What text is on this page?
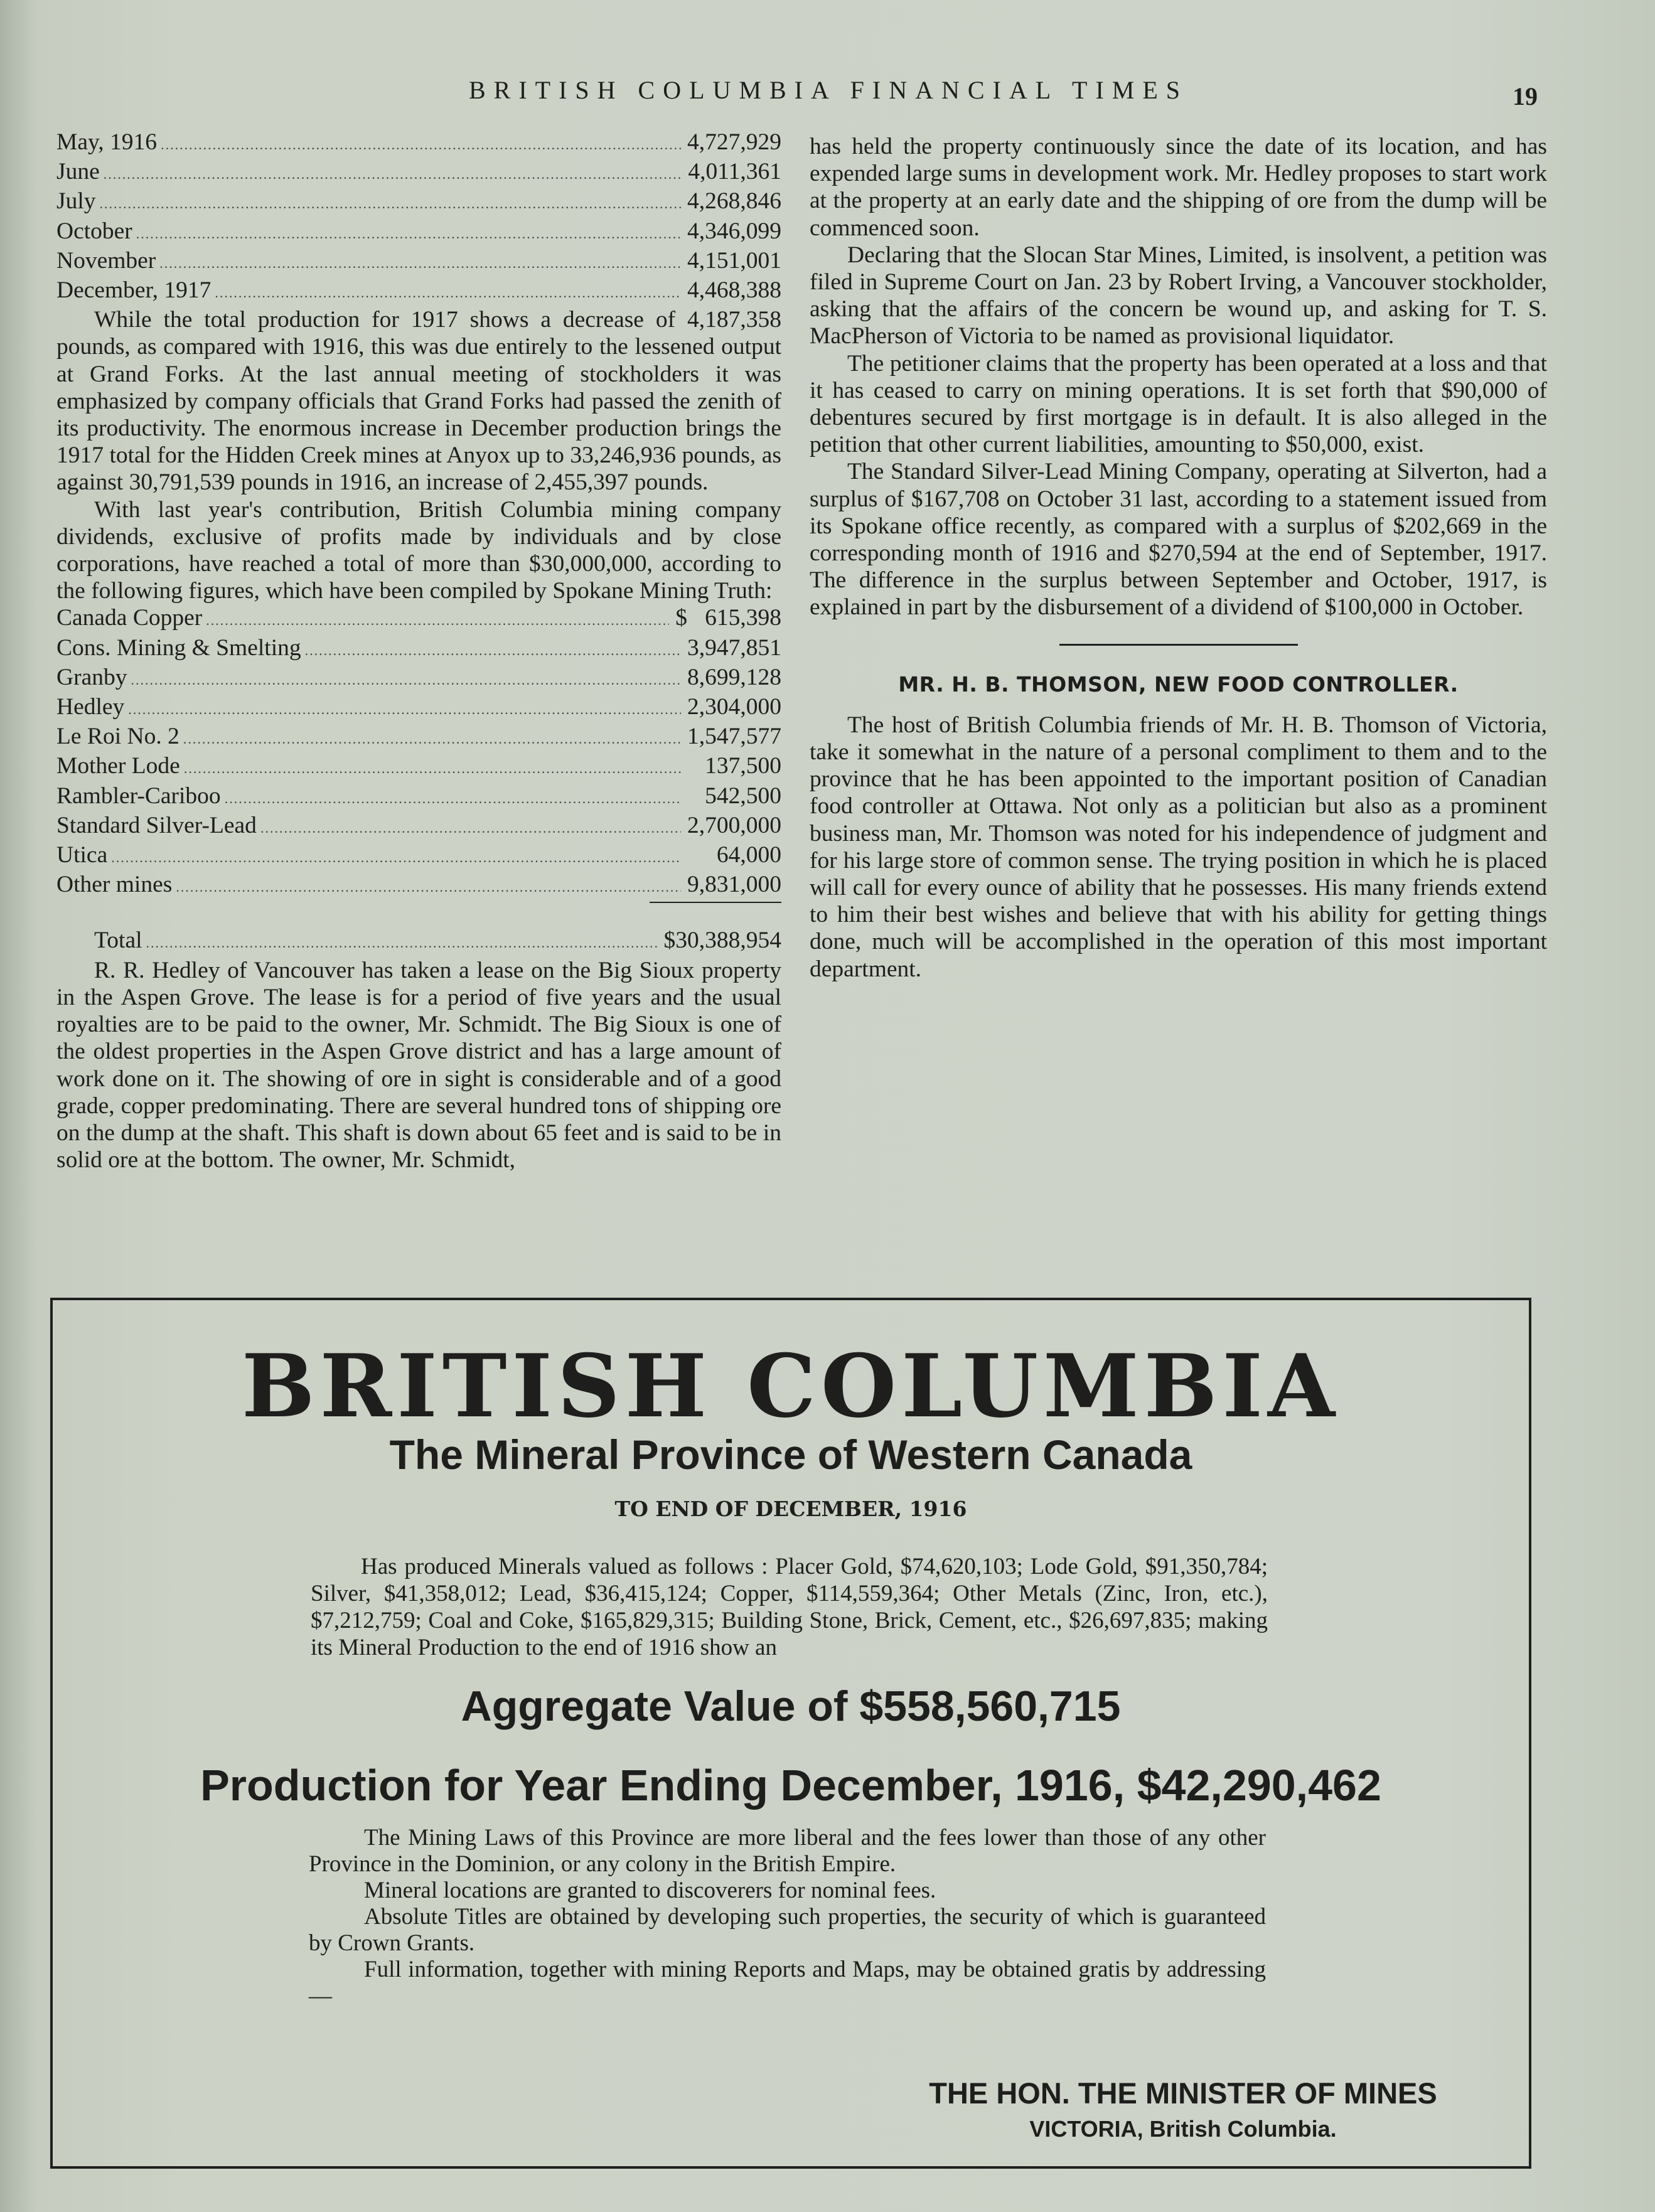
BRITISH COLUMBIA FINANCIAL TIMES	19
May, 1916 .....	4,727,929
June .....	4,011,361
July .....	4,268,846
October .....	4,346,099
November .....	4,151,001
December, 1917 .....	4,468,388

While the total production for 1917 shows a decrease of 4,187,358 pounds, as compared with 1916, this was due entirely to the lessened output at Grand Forks. At the last annual meeting of stockholders it was emphasized by company officials that Grand Forks had passed the zenith of its productivity. The enormous increase in December production brings the 1917 total for the Hidden Creek mines at Anyox up to 33,246,936 pounds, as against 30,791,539 pounds in 1916, an increase of 2,455,397 pounds.

With last year's contribution, British Columbia mining company dividends, exclusive of profits made by individuals and by close corporations, have reached a total of more than $30,000,000, according to the following figures, which have been compiled by Spokane Mining Truth:

Canada Copper .....	$ 615,398
Cons. Mining & Smelting .....	3,947,851
Granby .....	8,699,128
Hedley .....	2,304,000
Le Roi No. 2 .....	1,547,577
Mother Lode .....	137,500
Rambler-Cariboo .....	542,500
Standard Silver-Lead .....	2,700,000
Utica .....	64,000
Other mines .....	9,831,000
Total .....	$30,388,954

R. R. Hedley of Vancouver has taken a lease on the Big Sioux property in the Aspen Grove. The lease is for a period of five years and the usual royalties are to be paid to the owner, Mr. Schmidt. The Big Sioux is one of the oldest properties in the Aspen Grove district and has a large amount of work done on it. The showing of ore in sight is considerable and of a good grade, copper predominating. There are several hundred tons of shipping ore on the dump at the shaft. This shaft is down about 65 feet and is said to be in solid ore at the bottom. The owner, Mr. Schmidt,

has held the property continuously since the date of its location, and has expended large sums in development work. Mr. Hedley proposes to start work at the property at an early date and the shipping of ore from the dump will be commenced soon.

Declaring that the Slocan Star Mines, Limited, is insolvent, a petition was filed in Supreme Court on Jan. 23 by Robert Irving, a Vancouver stockholder, asking that the affairs of the concern be wound up, and asking for T. S. MacPherson of Victoria to be named as provisional liquidator.

The petitioner claims that the property has been operated at a loss and that it has ceased to carry on mining operations. It is set forth that $90,000 of debentures secured by first mortgage is in default. It is also alleged in the petition that other current liabilities, amounting to $50,000, exist.

The Standard Silver-Lead Mining Company, operating at Silverton, had a surplus of $167,708 on October 31 last, according to a statement issued from its Spokane office recently, as compared with a surplus of $202,669 in the corresponding month of 1916 and $270,594 at the end of September, 1917. The difference in the surplus between September and October, 1917, is explained in part by the disbursement of a dividend of $100,000 in October.

MR. H. B. THOMSON, NEW FOOD CONTROLLER.

The host of British Columbia friends of Mr. H. B. Thomson of Victoria, take it somewhat in the nature of a personal compliment to them and to the province that he has been appointed to the important position of Canadian food controller at Ottawa. Not only as a politician but also as a prominent business man, Mr. Thomson was noted for his independence of judgment and for his large store of common sense. The trying position in which he is placed will call for every ounce of ability that he possesses. His many friends extend to him their best wishes and believe that with his ability for getting things done, much will be accomplished in the operation of this most important department.

BRITISH COLUMBIA
The Mineral Province of Western Canada
TO END OF DECEMBER, 1916

Has produced Minerals valued as follows : Placer Gold, $74,620,103; Lode Gold, $91,350,784; Silver, $41,358,012; Lead, $36,415,124; Copper, $114,559,364; Other Metals (Zinc, Iron, etc.), $7,212,759; Coal and Coke, $165,829,315; Building Stone, Brick, Cement, etc., $26,697,835; making its Mineral Production to the end of 1916 show an

Aggregate Value of $558,560,715
Production for Year Ending December, 1916, $42,290,462

The Mining Laws of this Province are more liberal and the fees lower than those of any other Province in the Dominion, or any colony in the British Empire.

Mineral locations are granted to discoverers for nominal fees.

Absolute Titles are obtained by developing such properties, the security of which is guaranteed by Crown Grants.

Full information, together with mining Reports and Maps, may be obtained gratis by addressing—

THE HON. THE MINISTER OF MINES
VICTORIA, British Columbia.
